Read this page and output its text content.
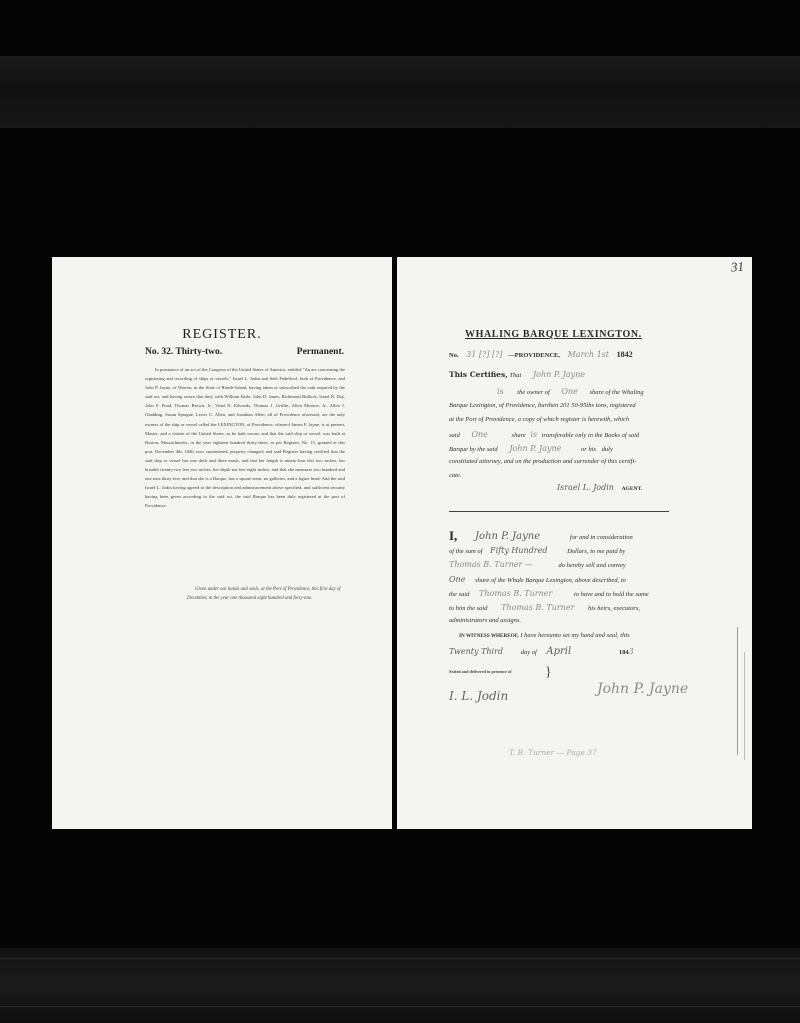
REGISTER.
No. 32. Thirty-two.	Permanent.
In pursuance of an act of the Congress of the United States of America, entitled "An act concerning the registering and recording of ships or vessels," Israel L. Jodin and Seth Padelford, both of Providence, and John P. Jayne, of Warren, in the State of Rhode-Island, having taken or subscribed the oath required by the said act, and having sworn that they, with William Earle, John D. Jones, Richmond Bullock, Israel B. Day, John F. Pond, Thomas Brown, Jr., Vinal N. Edwards, Thomas J. Griffin, Allen Monroe, Jr., Allen J. Gladding, Susan Sprague, Lewis C. Allen, and Jonathan Allen, all of Providence aforesaid, are the only owners of the ship or vessel called the LEXINGTON, of Providence, whereof James P. Jayne, is at present, Master, and a citizen of the United States, as he hath sworn; and that the said ship or vessel, was built at Boston, Massachusetts, in the year eighteen hundred thirty-three, as per Register, No. 15, granted at this port, December 4th, 1840, now surrendered, property changed; and said Register having certified that the said ship or vessel has one deck and three masts, and that her length is ninety-four feet two inches, her breadth twenty-two feet two inches, her depth ten feet eight inches, and that she measures two hundred and one tons thirty feet, and that she is a Barque, has a square stern, no galleries, and a figure head: And the said Israel L. Jodin having agreed to the description and admeasurement above specified, and sufficient security having been given according to the said act, the said Barque has been duly registered at the port of Providence.
Given under our hands and seals, at the Port of Providence, this first day of December, in the year one thousand eight hundred and forty-one.
31
WHALING BARQUE LEXINGTON.
No. 31 [?] [?] —PROVIDENCE, March 1st 1842
This Certifies, That John P. Jayne
is the owner of One share of the Whaling
Barque Lexington, of Providence, burthen 201 50-95ths tons, registered
at the Port of Providence, a copy of which register is herewith, which
said One	share is transferable only in the Books of said
Barque by the said John P. Jayne	or his duly
constituted attorney, and on the production and surrender of this certifi-
cate.
Israel L. Jodin AGENT.
I, John P. Jayne	for and in consideration
of the sum of Fifty Hundred	Dollars, to me paid by
Thomas B. Turner —	do hereby sell and convey
One share of the Whale Barque Lexington, above described, to
the said Thomas B. Turner	to have and to hold the same
to him the said Thomas B. Turner his heirs, executors,
administrators and assigns.
IN WITNESS WHEREOF, I have hereunto set my hand and seal, this
Twenty Third	day of April	1843
Sealed and delivered in presence of }
I. L. Jodin	John P. Jayne
T. B. Turner — Page 37
